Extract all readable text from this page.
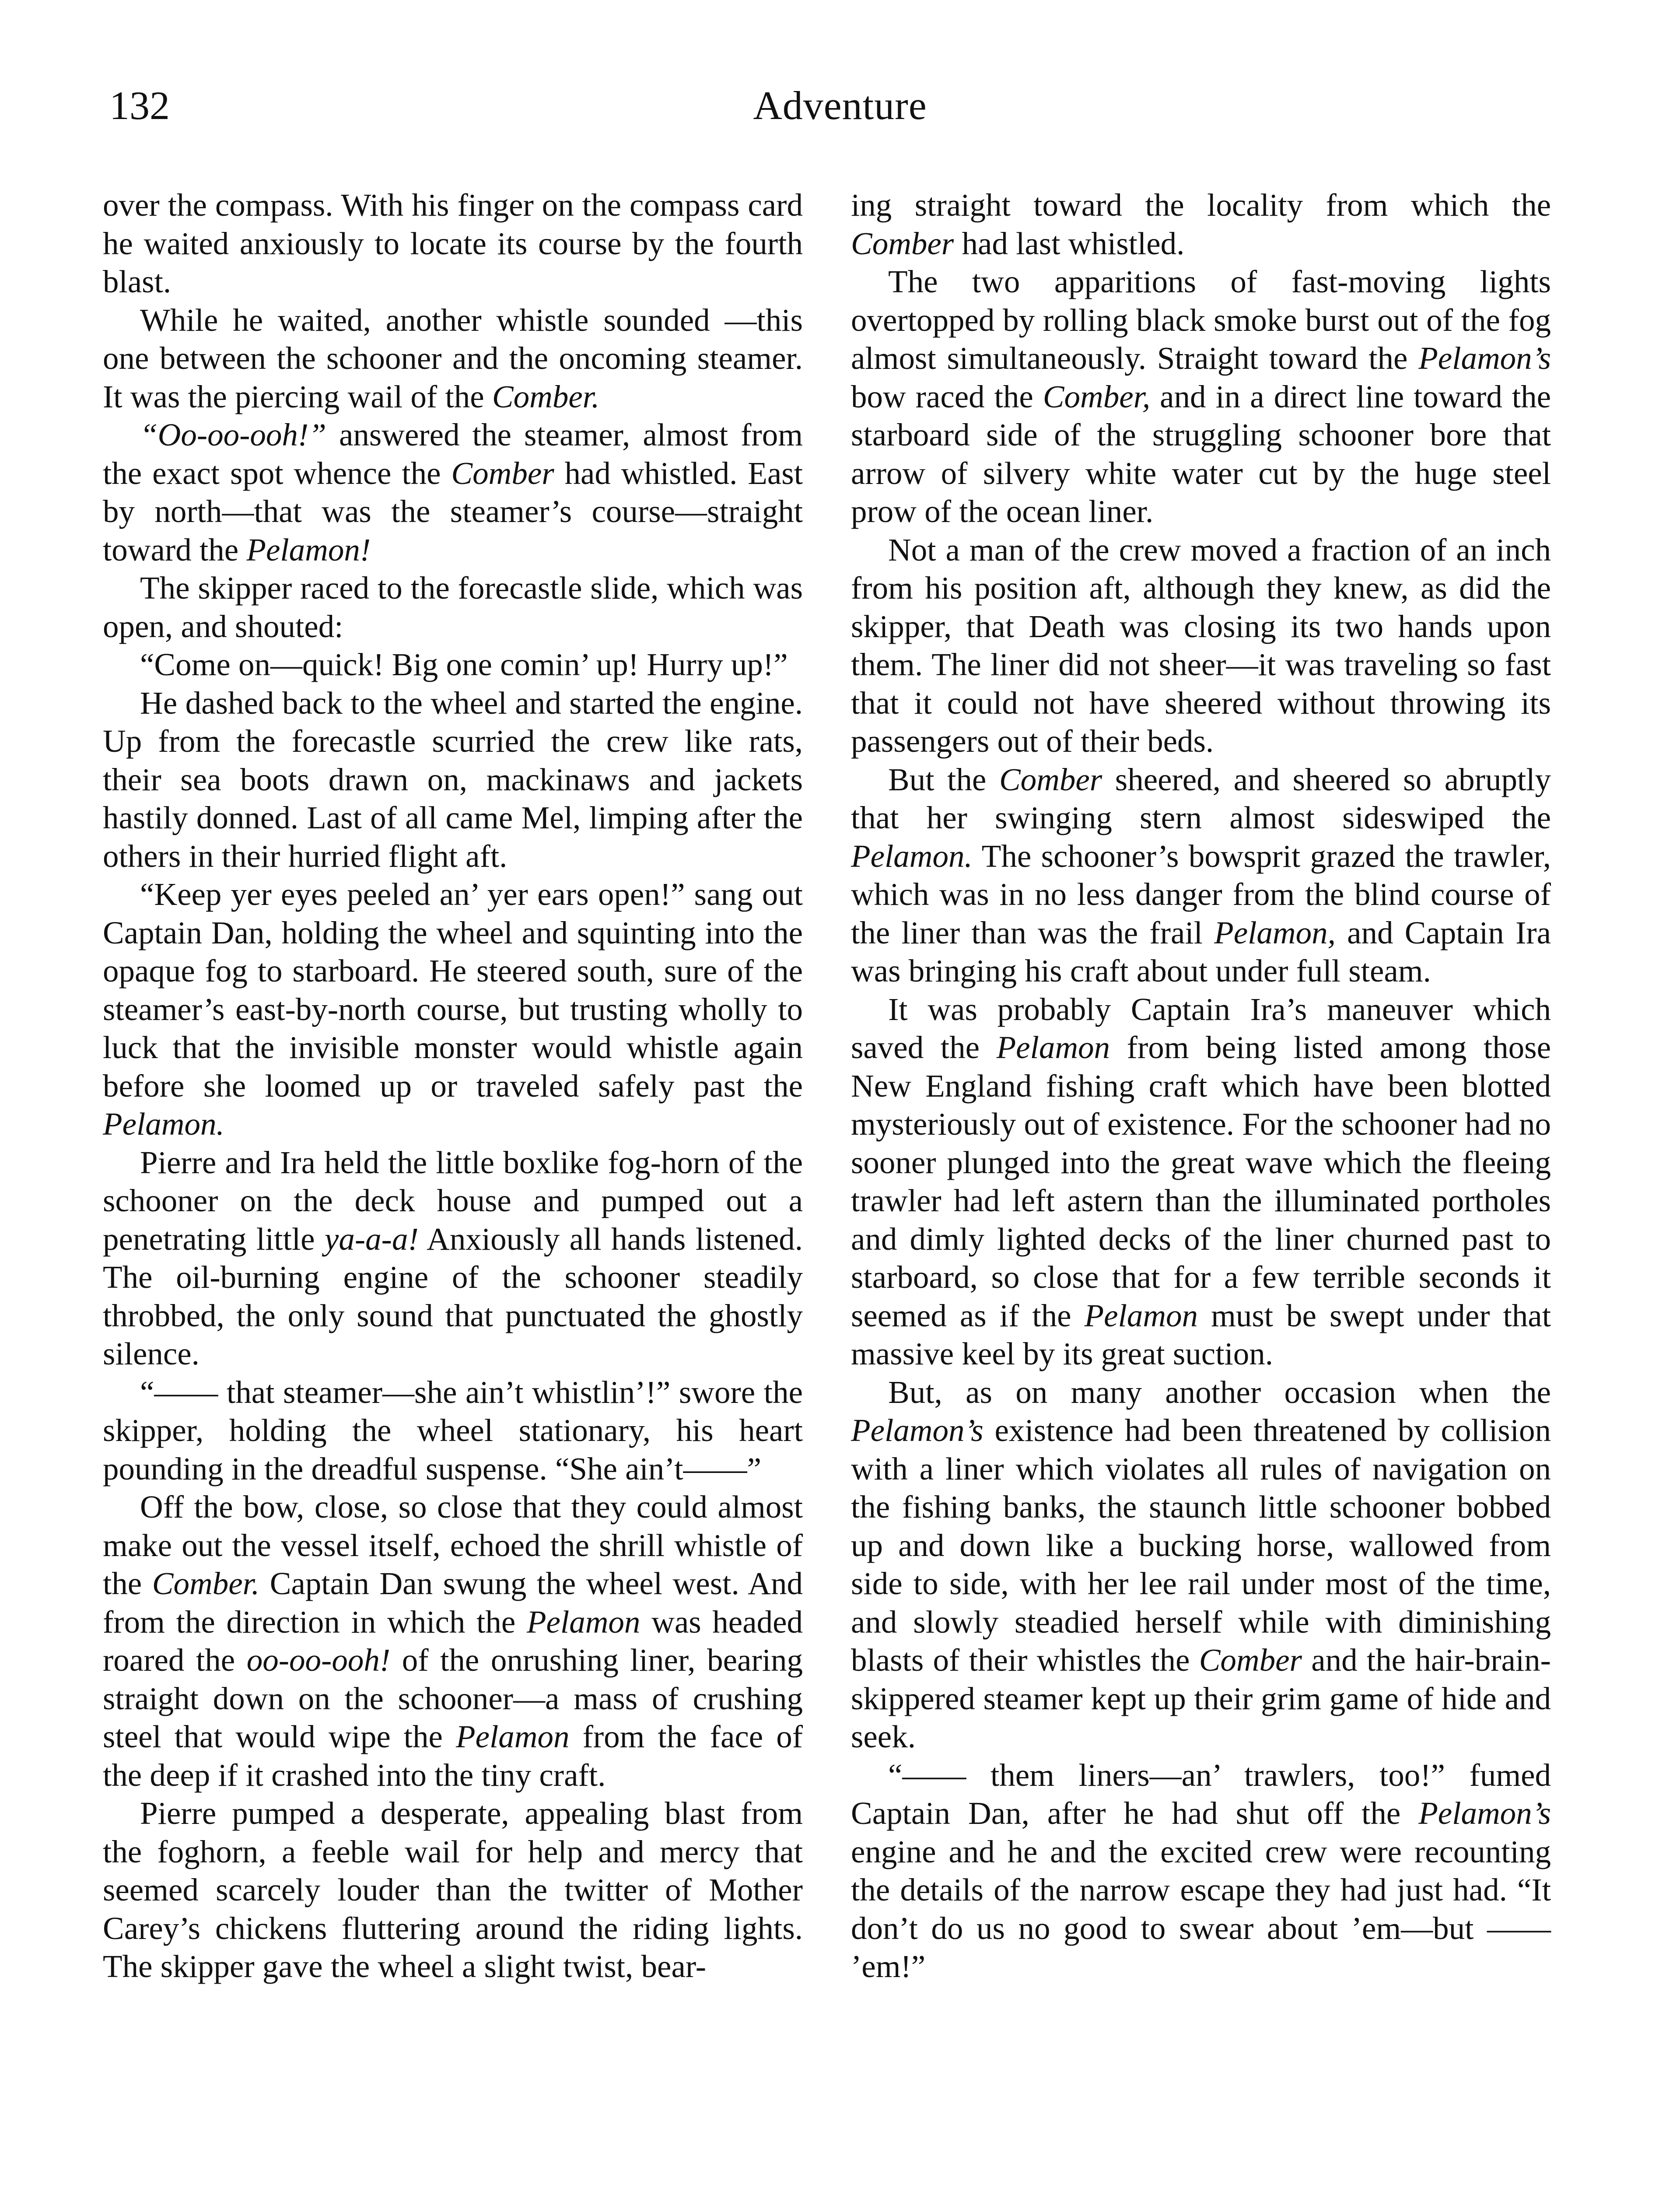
132	Adventure

over the compass. With his finger on the compass card he waited anxiously to locate its course by the fourth blast.

While he waited, another whistle sounded —this one between the schooner and the oncoming steamer. It was the piercing wail of the Comber.

“Oo-oo-ooh!” answered the steamer, almost from the exact spot whence the Comber had whistled. East by north—that was the steamer’s course—straight toward the Pelamon!

The skipper raced to the forecastle slide, which was open, and shouted:

“Come on—quick! Big one comin’ up! Hurry up!”

He dashed back to the wheel and started the engine. Up from the forecastle scurried the crew like rats, their sea boots drawn on, mackinaws and jackets hastily donned. Last of all came Mel, limping after the others in their hurried flight aft.

“Keep yer eyes peeled an’ yer ears open!” sang out Captain Dan, holding the wheel and squinting into the opaque fog to starboard. He steered south, sure of the steamer’s east-by-north course, but trusting wholly to luck that the invisible monster would whistle again before she loomed up or traveled safely past the Pelamon.

Pierre and Ira held the little boxlike fog-horn of the schooner on the deck house and pumped out a penetrating little ya-a-a! Anxiously all hands listened. The oil-burning engine of the schooner steadily throbbed, the only sound that punctuated the ghostly silence.

“—— that steamer—she ain’t whistlin’!” swore the skipper, holding the wheel stationary, his heart pounding in the dreadful suspense. “She ain’t——”

Off the bow, close, so close that they could almost make out the vessel itself, echoed the shrill whistle of the Comber. Captain Dan swung the wheel west. And from the direction in which the Pelamon was headed roared the oo-oo-ooh! of the onrushing liner, bearing straight down on the schooner—a mass of crushing steel that would wipe the Pelamon from the face of the deep if it crashed into the tiny craft.

Pierre pumped a desperate, appealing blast from the foghorn, a feeble wail for help and mercy that seemed scarcely louder than the twitter of Mother Carey’s chickens fluttering around the riding lights. The skipper gave the wheel a slight twist, bear-

ing straight toward the locality from which the Comber had last whistled.

The two apparitions of fast-moving lights overtopped by rolling black smoke burst out of the fog almost simultaneously. Straight toward the Pelamon’s bow raced the Comber, and in a direct line toward the starboard side of the struggling schooner bore that arrow of silvery white water cut by the huge steel prow of the ocean liner.

Not a man of the crew moved a fraction of an inch from his position aft, although they knew, as did the skipper, that Death was closing its two hands upon them. The liner did not sheer—it was traveling so fast that it could not have sheered without throwing its passengers out of their beds.

But the Comber sheered, and sheered so abruptly that her swinging stern almost sideswiped the Pelamon. The schooner’s bowsprit grazed the trawler, which was in no less danger from the blind course of the liner than was the frail Pelamon, and Captain Ira was bringing his craft about under full steam.

It was probably Captain Ira’s maneuver which saved the Pelamon from being listed among those New England fishing craft which have been blotted mysteriously out of existence. For the schooner had no sooner plunged into the great wave which the fleeing trawler had left astern than the illuminated portholes and dimly lighted decks of the liner churned past to starboard, so close that for a few terrible seconds it seemed as if the Pelamon must be swept under that massive keel by its great suction.

But, as on many another occasion when the Pelamon’s existence had been threatened by collision with a liner which violates all rules of navigation on the fishing banks, the staunch little schooner bobbed up and down like a bucking horse, wallowed from side to side, with her lee rail under most of the time, and slowly steadied herself while with diminishing blasts of their whistles the Comber and the hair-brain-skippered steamer kept up their grim game of hide and seek.

“—— them liners—an’ trawlers, too!” fumed Captain Dan, after he had shut off the Pelamon’s engine and he and the excited crew were recounting the details of the narrow escape they had just had. “It don’t do us no good to swear about ’em—but —— ’em!”
